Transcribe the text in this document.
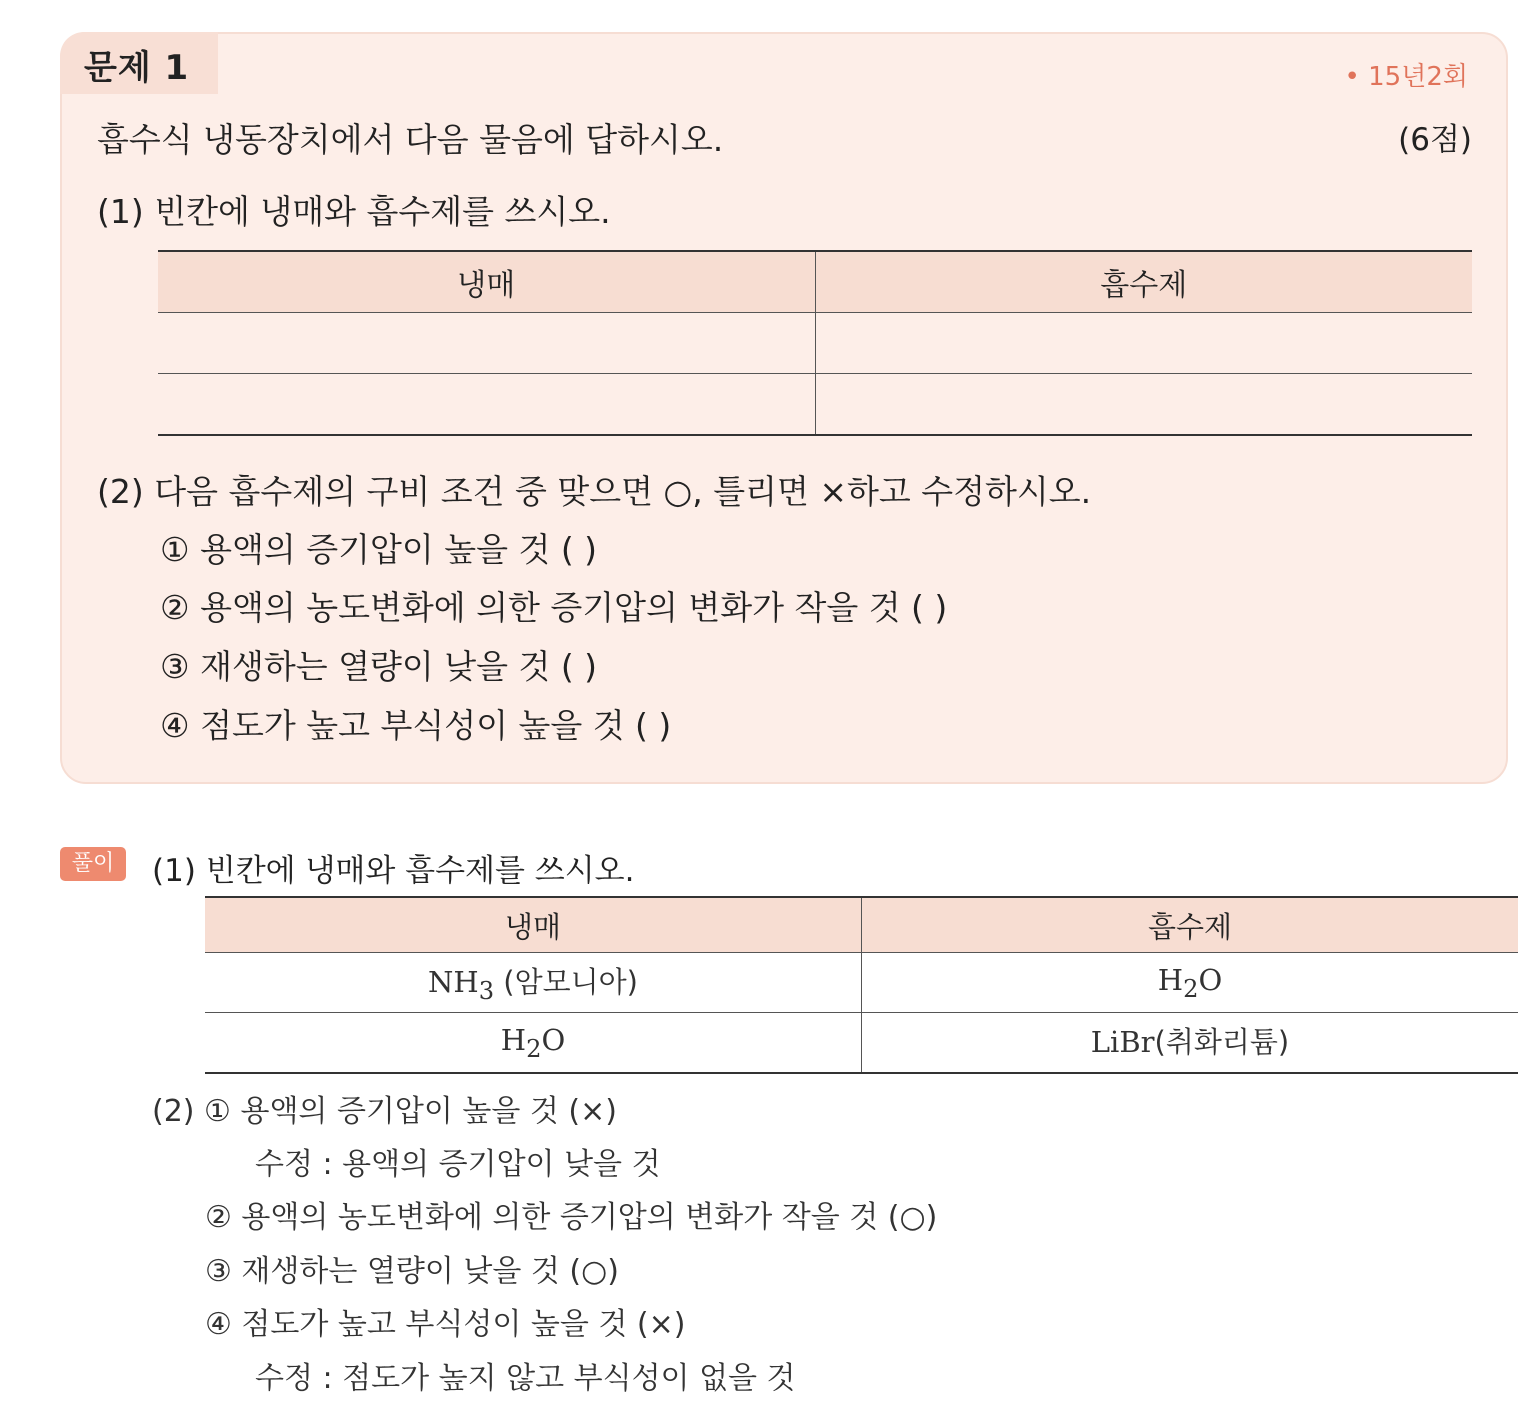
문제 1	• 15년2회
흡수식 냉동장치에서 다음 물음에 답하시오.	(6점)
(1) 빈칸에 냉매와 흡수제를 쓰시오.
냉매	흡수제

(2) 다음 흡수제의 구비 조건 중 맞으면 ○, 틀리면 ×하고 수정하시오.
① 용액의 증기압이 높을 것 ( )
② 용액의 농도변화에 의한 증기압의 변화가 작을 것 ( )
③ 재생하는 열량이 낮을 것 ( )
④ 점도가 높고 부식성이 높을 것 ( )
풀이	(1) 빈칸에 냉매와 흡수제를 쓰시오.
냉매	흡수제
$NH_3$ (암모니아)	$H_2O$
$H_2O$	LiBr(취화리튬)
(2) ① 용액의 증기압이 높을 것 (×)
수정 : 용액의 증기압이 낮을 것
② 용액의 농도변화에 의한 증기압의 변화가 작을 것 (○)
③ 재생하는 열량이 낮을 것 (○)
④ 점도가 높고 부식성이 높을 것 (×)
수정 : 점도가 높지 않고 부식성이 없을 것
